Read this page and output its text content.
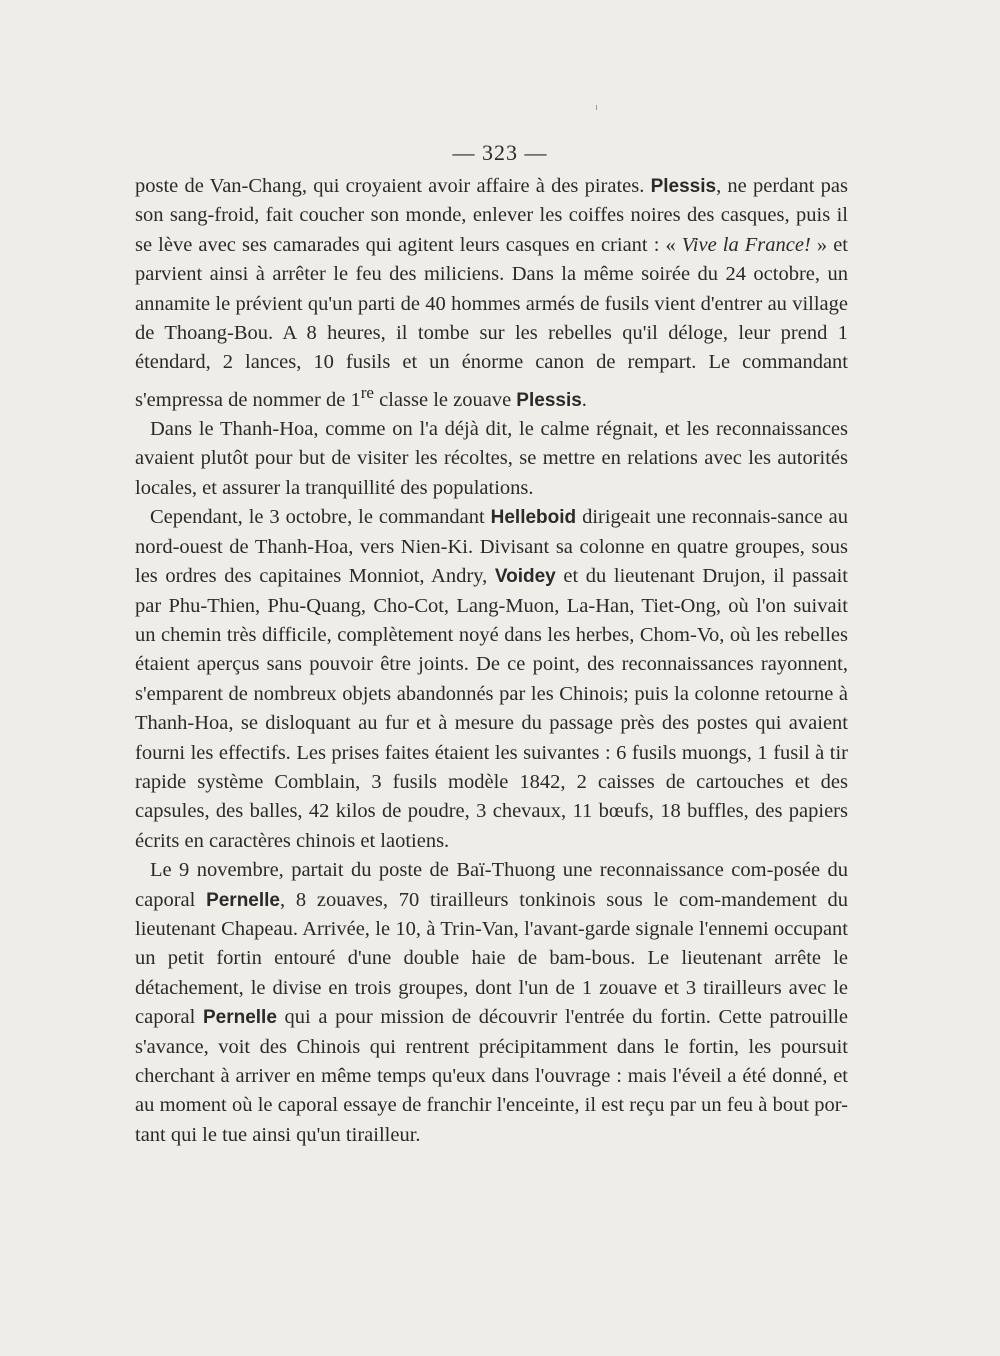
— 323 —

poste de Van-Chang, qui croyaient avoir affaire à des pirates. Plessis, ne perdant pas son sang-froid, fait coucher son monde, enlever les coiffes noires des casques, puis il se lève avec ses camarades qui agitent leurs casques en criant : « Vive la France! » et parvient ainsi à arrêter le feu des miliciens. Dans la même soirée du 24 octobre, un annamite le prévient qu'un parti de 40 hommes armés de fusils vient d'entrer au village de Thoang-Bou. A 8 heures, il tombe sur les rebelles qu'il déloge, leur prend 1 étendard, 2 lances, 10 fusils et un énorme canon de rempart. Le commandant s'empressa de nommer de 1re classe le zouave Plessis.

Dans le Thanh-Hoa, comme on l'a déjà dit, le calme régnait, et les reconnaissances avaient plutôt pour but de visiter les récoltes, se mettre en relations avec les autorités locales, et assurer la tranquillité des populations.

Cependant, le 3 octobre, le commandant Helleboid dirigeait une reconnais-sance au nord-ouest de Thanh-Hoa, vers Nien-Ki. Divisant sa colonne en quatre groupes, sous les ordres des capitaines Monniot, Andry, Voidey et du lieutenant Drujon, il passait par Phu-Thien, Phu-Quang, Cho-Cot, Lang-Muon, La-Han, Tiet-Ong, où l'on suivait un chemin très difficile, complètement noyé dans les herbes, Chom-Vo, où les rebelles étaient aperçus sans pouvoir être joints. De ce point, des reconnaissances rayonnent, s'emparent de nombreux objets abandonnés par les Chinois; puis la colonne retourne à Thanh-Hoa, se disloquant au fur et à mesure du passage près des postes qui avaient fourni les effectifs. Les prises faites étaient les suivantes : 6 fusils muongs, 1 fusil à tir rapide système Comblain, 3 fusils modèle 1842, 2 caisses de cartouches et des capsules, des balles, 42 kilos de poudre, 3 chevaux, 11 bœufs, 18 buffles, des papiers écrits en caractères chinois et laotiens.

Le 9 novembre, partait du poste de Baï-Thuong une reconnaissance com-posée du caporal Pernelle, 8 zouaves, 70 tirailleurs tonkinois sous le com-mandement du lieutenant Chapeau. Arrivée, le 10, à Trin-Van, l'avant-garde signale l'ennemi occupant un petit fortin entouré d'une double haie de bam-bous. Le lieutenant arrête le détachement, le divise en trois groupes, dont l'un de 1 zouave et 3 tirailleurs avec le caporal Pernelle qui a pour mission de découvrir l'entrée du fortin. Cette patrouille s'avance, voit des Chinois qui rentrent précipitamment dans le fortin, les poursuit cherchant à arriver en même temps qu'eux dans l'ouvrage : mais l'éveil a été donné, et au moment où le caporal essaye de franchir l'enceinte, il est reçu par un feu à bout por-tant qui le tue ainsi qu'un tirailleur.
